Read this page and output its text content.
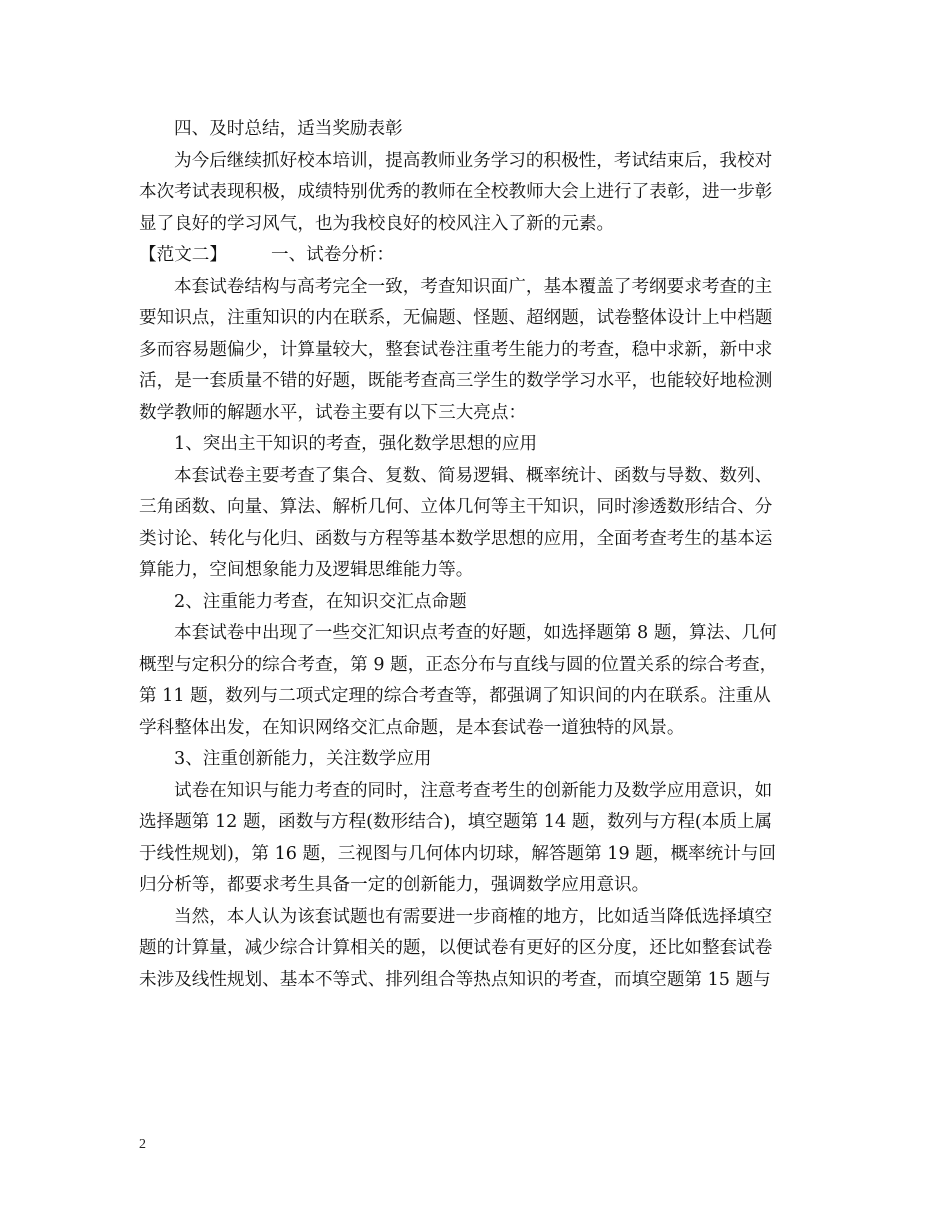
四、及时总结，适当奖励表彰
为今后继续抓好校本培训，提高教师业务学习的积极性，考试结束后，我校对
本次考试表现积极，成绩特别优秀的教师在全校教师大会上进行了表彰，进一步彰
显了良好的学习风气，也为我校良好的校风注入了新的元素。
【范文二】	一、试卷分析：
本套试卷结构与高考完全一致，考查知识面广，基本覆盖了考纲要求考查的主
要知识点，注重知识的内在联系，无偏题、怪题、超纲题，试卷整体设计上中档题
多而容易题偏少，计算量较大，整套试卷注重考生能力的考查，稳中求新，新中求
活，是一套质量不错的好题，既能考查高三学生的数学学习水平，也能较好地检测
数学教师的解题水平，试卷主要有以下三大亮点：
1、突出主干知识的考查，强化数学思想的应用
本套试卷主要考查了集合、复数、简易逻辑、概率统计、函数与导数、数列、
三角函数、向量、算法、解析几何、立体几何等主干知识，同时渗透数形结合、分
类讨论、转化与化归、函数与方程等基本数学思想的应用，全面考查考生的基本运
算能力，空间想象能力及逻辑思维能力等。
2、注重能力考查，在知识交汇点命题
本套试卷中出现了一些交汇知识点考查的好题，如选择题第 8 题，算法、几何
概型与定积分的综合考查，第 9 题，正态分布与直线与圆的位置关系的综合考查，
第 11 题，数列与二项式定理的综合考查等，都强调了知识间的内在联系。注重从
学科整体出发，在知识网络交汇点命题，是本套试卷一道独特的风景。
3、注重创新能力，关注数学应用
试卷在知识与能力考查的同时，注意考查考生的创新能力及数学应用意识，如
选择题第 12 题，函数与方程(数形结合)，填空题第 14 题，数列与方程(本质上属
于线性规划)，第 16 题，三视图与几何体内切球，解答题第 19 题，概率统计与回
归分析等，都要求考生具备一定的创新能力，强调数学应用意识。
当然，本人认为该套试题也有需要进一步商榷的地方，比如适当降低选择填空
题的计算量，减少综合计算相关的题，以便试卷有更好的区分度，还比如整套试卷
未涉及线性规划、基本不等式、排列组合等热点知识的考查，而填空题第 15 题与
2
